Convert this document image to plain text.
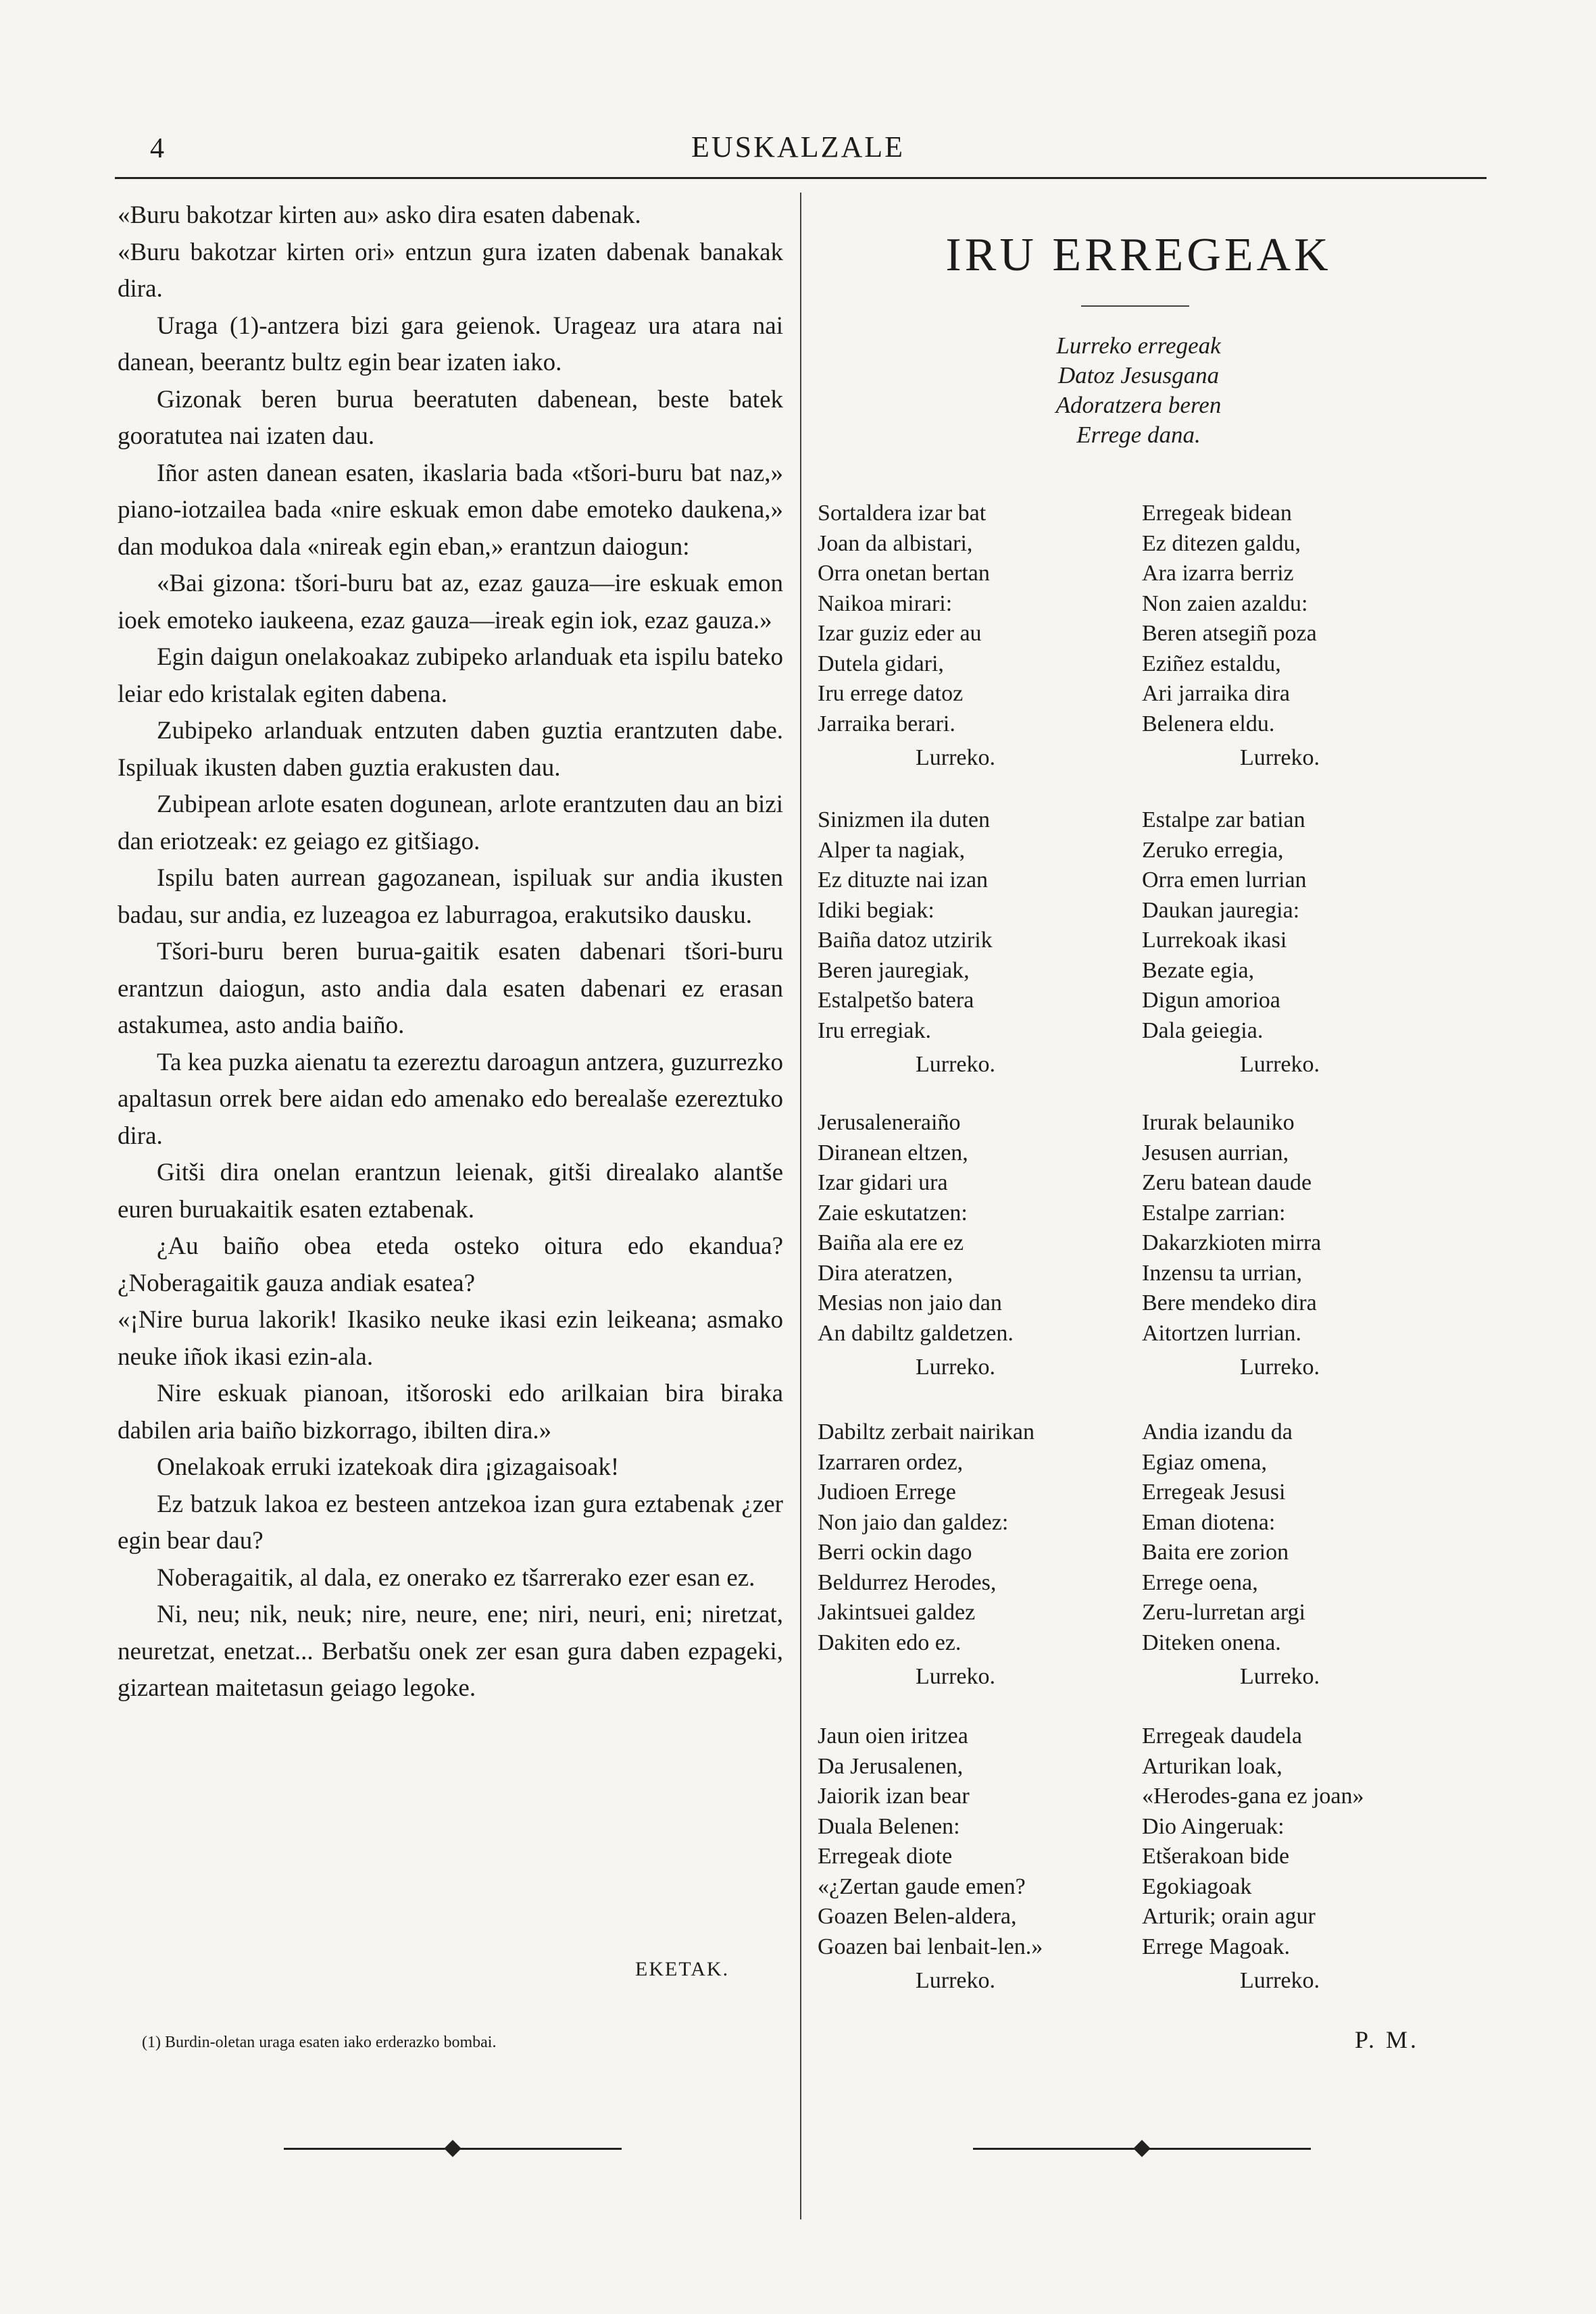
4	EUSKALZALE

«Buru bakotzar kirten au» asko dira esaten dabenak.

«Buru bakotzar kirten ori» entzun gura izaten dabenak banakak dira.

Uraga (1)-antzera bizi gara geienok. Urageaz ura atara nai danean, beerantz bultz egin bear izaten iako.

Gizonak beren burua beeratuten dabenean, beste batek gooratutea nai izaten dau.

Iñor asten danean esaten, ikaslaria bada «tšori-buru bat naz,» piano-iotzailea bada «nire eskuak emon dabe emoteko daukena,» dan modukoa dala «nireak egin eban,» erantzun daiogun:

«Bai gizona: tšori-buru bat az, ezaz gauza—ire eskuak emon ioek emoteko iaukeena, ezaz gauza—ireak egin iok, ezaz gauza.»

Egin daigun onelakoakaz zubipeko arlanduak eta ispilu bateko leiar edo kristalak egiten dabena.

Zubipeko arlanduak entzuten daben guztia erantzuten dabe. Ispiluak ikusten daben guztia erakusten dau.

Zubipean arlote esaten dogunean, arlote erantzuten dau an bizi dan eriotzeak: ez geiago ez gitšiago.

Ispilu baten aurrean gagozanean, ispiluak sur andia ikusten badau, sur andia, ez luzeagoa ez laburragoa, erakutsiko dausku.

Tšori-buru beren burua-gaitik esaten dabenari tšori-buru erantzun daiogun, asto andia dala esaten dabenari ez erasan astakumea, asto andia baiño.

Ta kea puzka aienatu ta ezereztu daroagun antzera, guzurrezko apaltasun orrek bere aidan edo amenako edo berealaše ezereztuko dira.

Gitši dira onelan erantzun leienak, gitši direalako alantše euren buruakaitik esaten eztabenak.

¿Au baiño obea eteda osteko oitura edo ekandua? ¿Noberagaitik gauza andiak esatea?

«¡Nire burua lakorik! Ikasiko neuke ikasi ezin leikeana; asmako neuke iñok ikasi ezin-ala.

Nire eskuak pianoan, itšoroski edo arilkaian bira biraka dabilen aria baiño bizkorrago, ibilten dira.»

Onelakoak erruki izatekoak dira ¡gizagaisoak!

Ez batzuk lakoa ez besteen antzekoa izan gura eztabenak ¿zer egin bear dau?

Noberagaitik, al dala, ez onerako ez tšarrerako ezer esan ez.

Ni, neu; nik, neuk; nire, neure, ene; niri, neuri, eni; niretzat, neuretzat, enetzat... Berbatšu onek zer esan gura daben ezpageki, gizartean maitetasun geiago legoke.

EKETAK.
(1) Burdin-oletan uraga esaten iako erderazko bombai.
IRU ERREGEAK
Lurreko erregeak
Datoz Jesusgana
Adoratzera beren
Errege dana.
Sortaldera izar bat
Joan da albistari,
Orra onetan bertan
Naikoa mirari:
Izar guziz eder au
Dutela gidari,
Iru errege datoz
Jarraika berari.
Lurreko.
Erregeak bidean
Ez ditezen galdu,
Ara izarra berriz
Non zaien azaldu:
Beren atsegiñ poza
Eziñez estaldu,
Ari jarraika dira
Belenera eldu.
Lurreko.
Sinizmen ila duten
Alper ta nagiak,
Ez dituzte nai izan
Idiki begiak:
Baiña datoz utzirik
Beren jauregiak,
Estalpetšo batera
Iru erregiak.
Lurreko.
Estalpe zar batian
Zeruko erregia,
Orra emen lurrian
Daukan jauregia:
Lurrekoak ikasi
Bezate egia,
Digun amorioa
Dala geiegia.
Lurreko.
Jerusaleneraiño
Diranean eltzen,
Izar gidari ura
Zaie eskutatzen:
Baiña ala ere ez
Dira ateratzen,
Mesias non jaio dan
An dabiltz galdetzen.
Lurreko.
Irurak belauniko
Jesusen aurrian,
Zeru batean daude
Estalpe zarrian:
Dakarzkioten mirra
Inzensu ta urrian,
Bere mendeko dira
Aitortzen lurrian.
Lurreko.
Dabiltz zerbait nairikan
Izarraren ordez,
Judioen Errege
Non jaio dan galdez:
Berri ockin dago
Beldurrez Herodes,
Jakintsuei galdez
Dakiten edo ez.
Lurreko.
Andia izandu da
Egiaz omena,
Erregeak Jesusi
Eman diotena:
Baita ere zorion
Errege oena,
Zeru-lurretan argi
Diteken onena.
Lurreko.
Jaun oien iritzea
Da Jerusalenen,
Jaiorik izan bear
Duala Belenen:
Erregeak diote
«¿Zertan gaude emen?
Goazen Belen-aldera,
Goazen bai lenbait-len.»
Lurreko.
Erregeak daudela
Arturikan loak,
«Herodes-gana ez joan»
Dio Aingeruak:
Etšerakoan bide
Egokiagoak
Arturik; orain agur
Errege Magoak.
Lurreko.
P. M.
